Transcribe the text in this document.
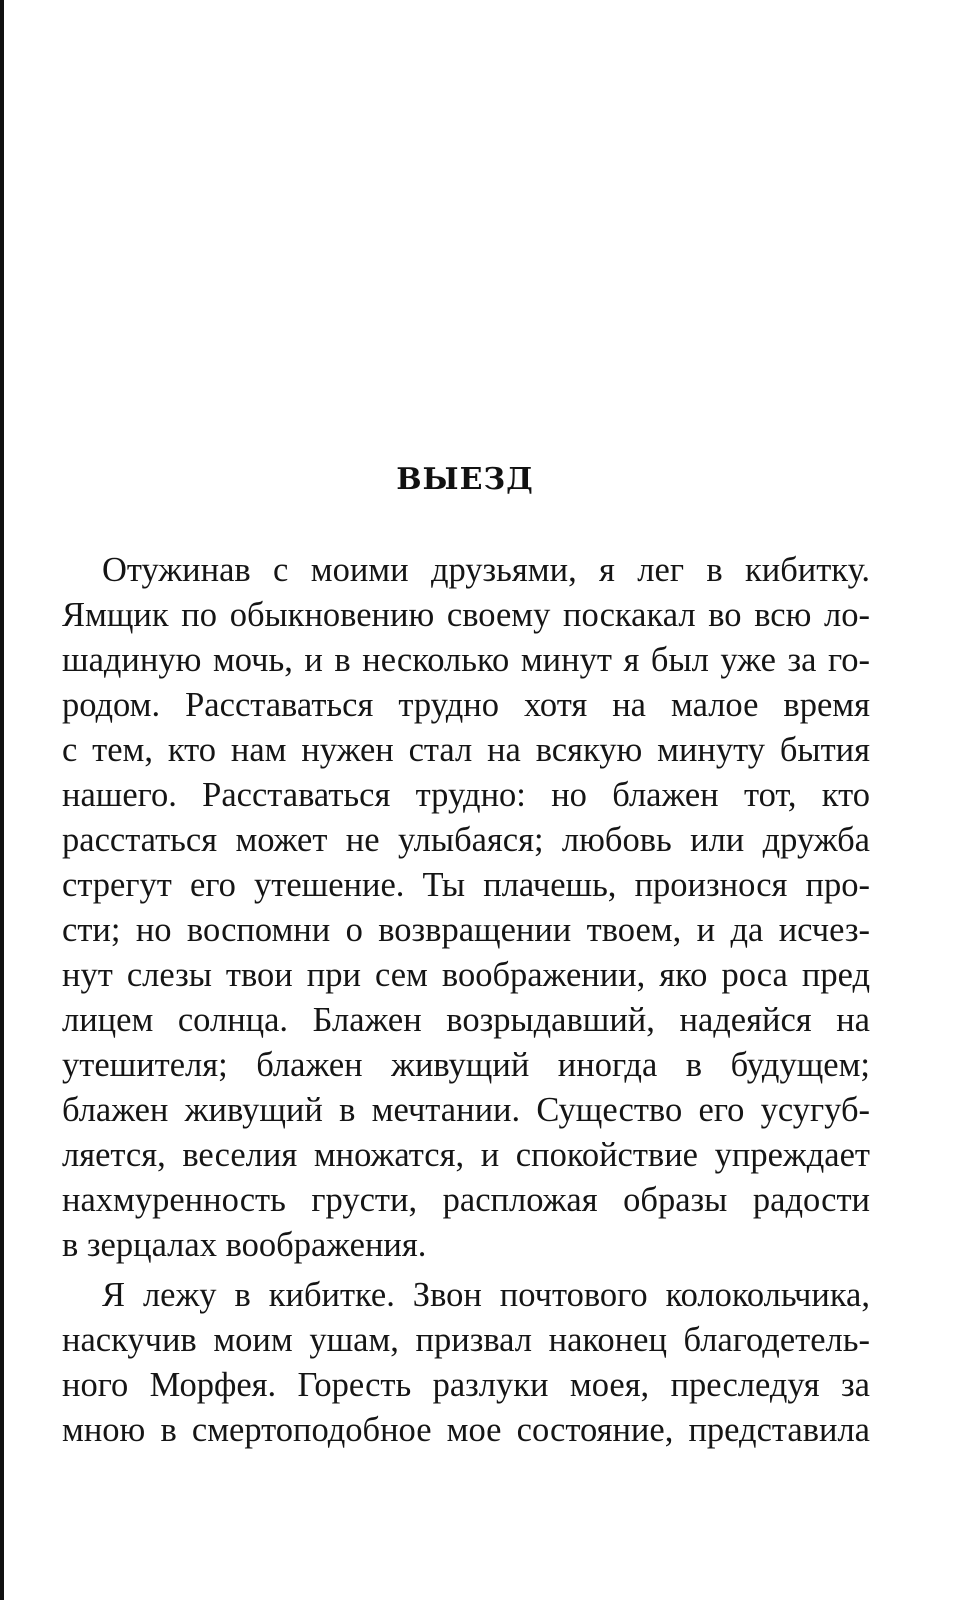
ВЫЕЗД
Отужинав с моими друзьями, я лег в кибитку.
Ямщик по обыкновению своему поскакал во всю ло-
шадиную мочь, и в несколько минут я был уже за го-
родом. Расставаться трудно хотя на малое время
с тем, кто нам нужен стал на всякую минуту бытия
нашего. Расставаться трудно: но блажен тот, кто
расстаться может не улыбаяся; любовь или дружба
стрегут его утешение. Ты плачешь, произнося про-
сти; но воспомни о возвращении твоем, и да исчез-
нут слезы твои при сем воображении, яко роса пред
лицем солнца. Блажен возрыдавший, надеяйся на
утешителя; блажен живущий иногда в будущем;
блажен живущий в мечтании. Существо его усугуб-
ляется, веселия множатся, и спокойствие упреждает
нахмуренность грусти, распложая образы радости
в зерцалах воображения.
Я лежу в кибитке. Звон почтового колокольчика,
наскучив моим ушам, призвал наконец благодетель-
ного Морфея. Горесть разлуки моея, преследуя за
мною в смертоподобное мое состояние, представила
